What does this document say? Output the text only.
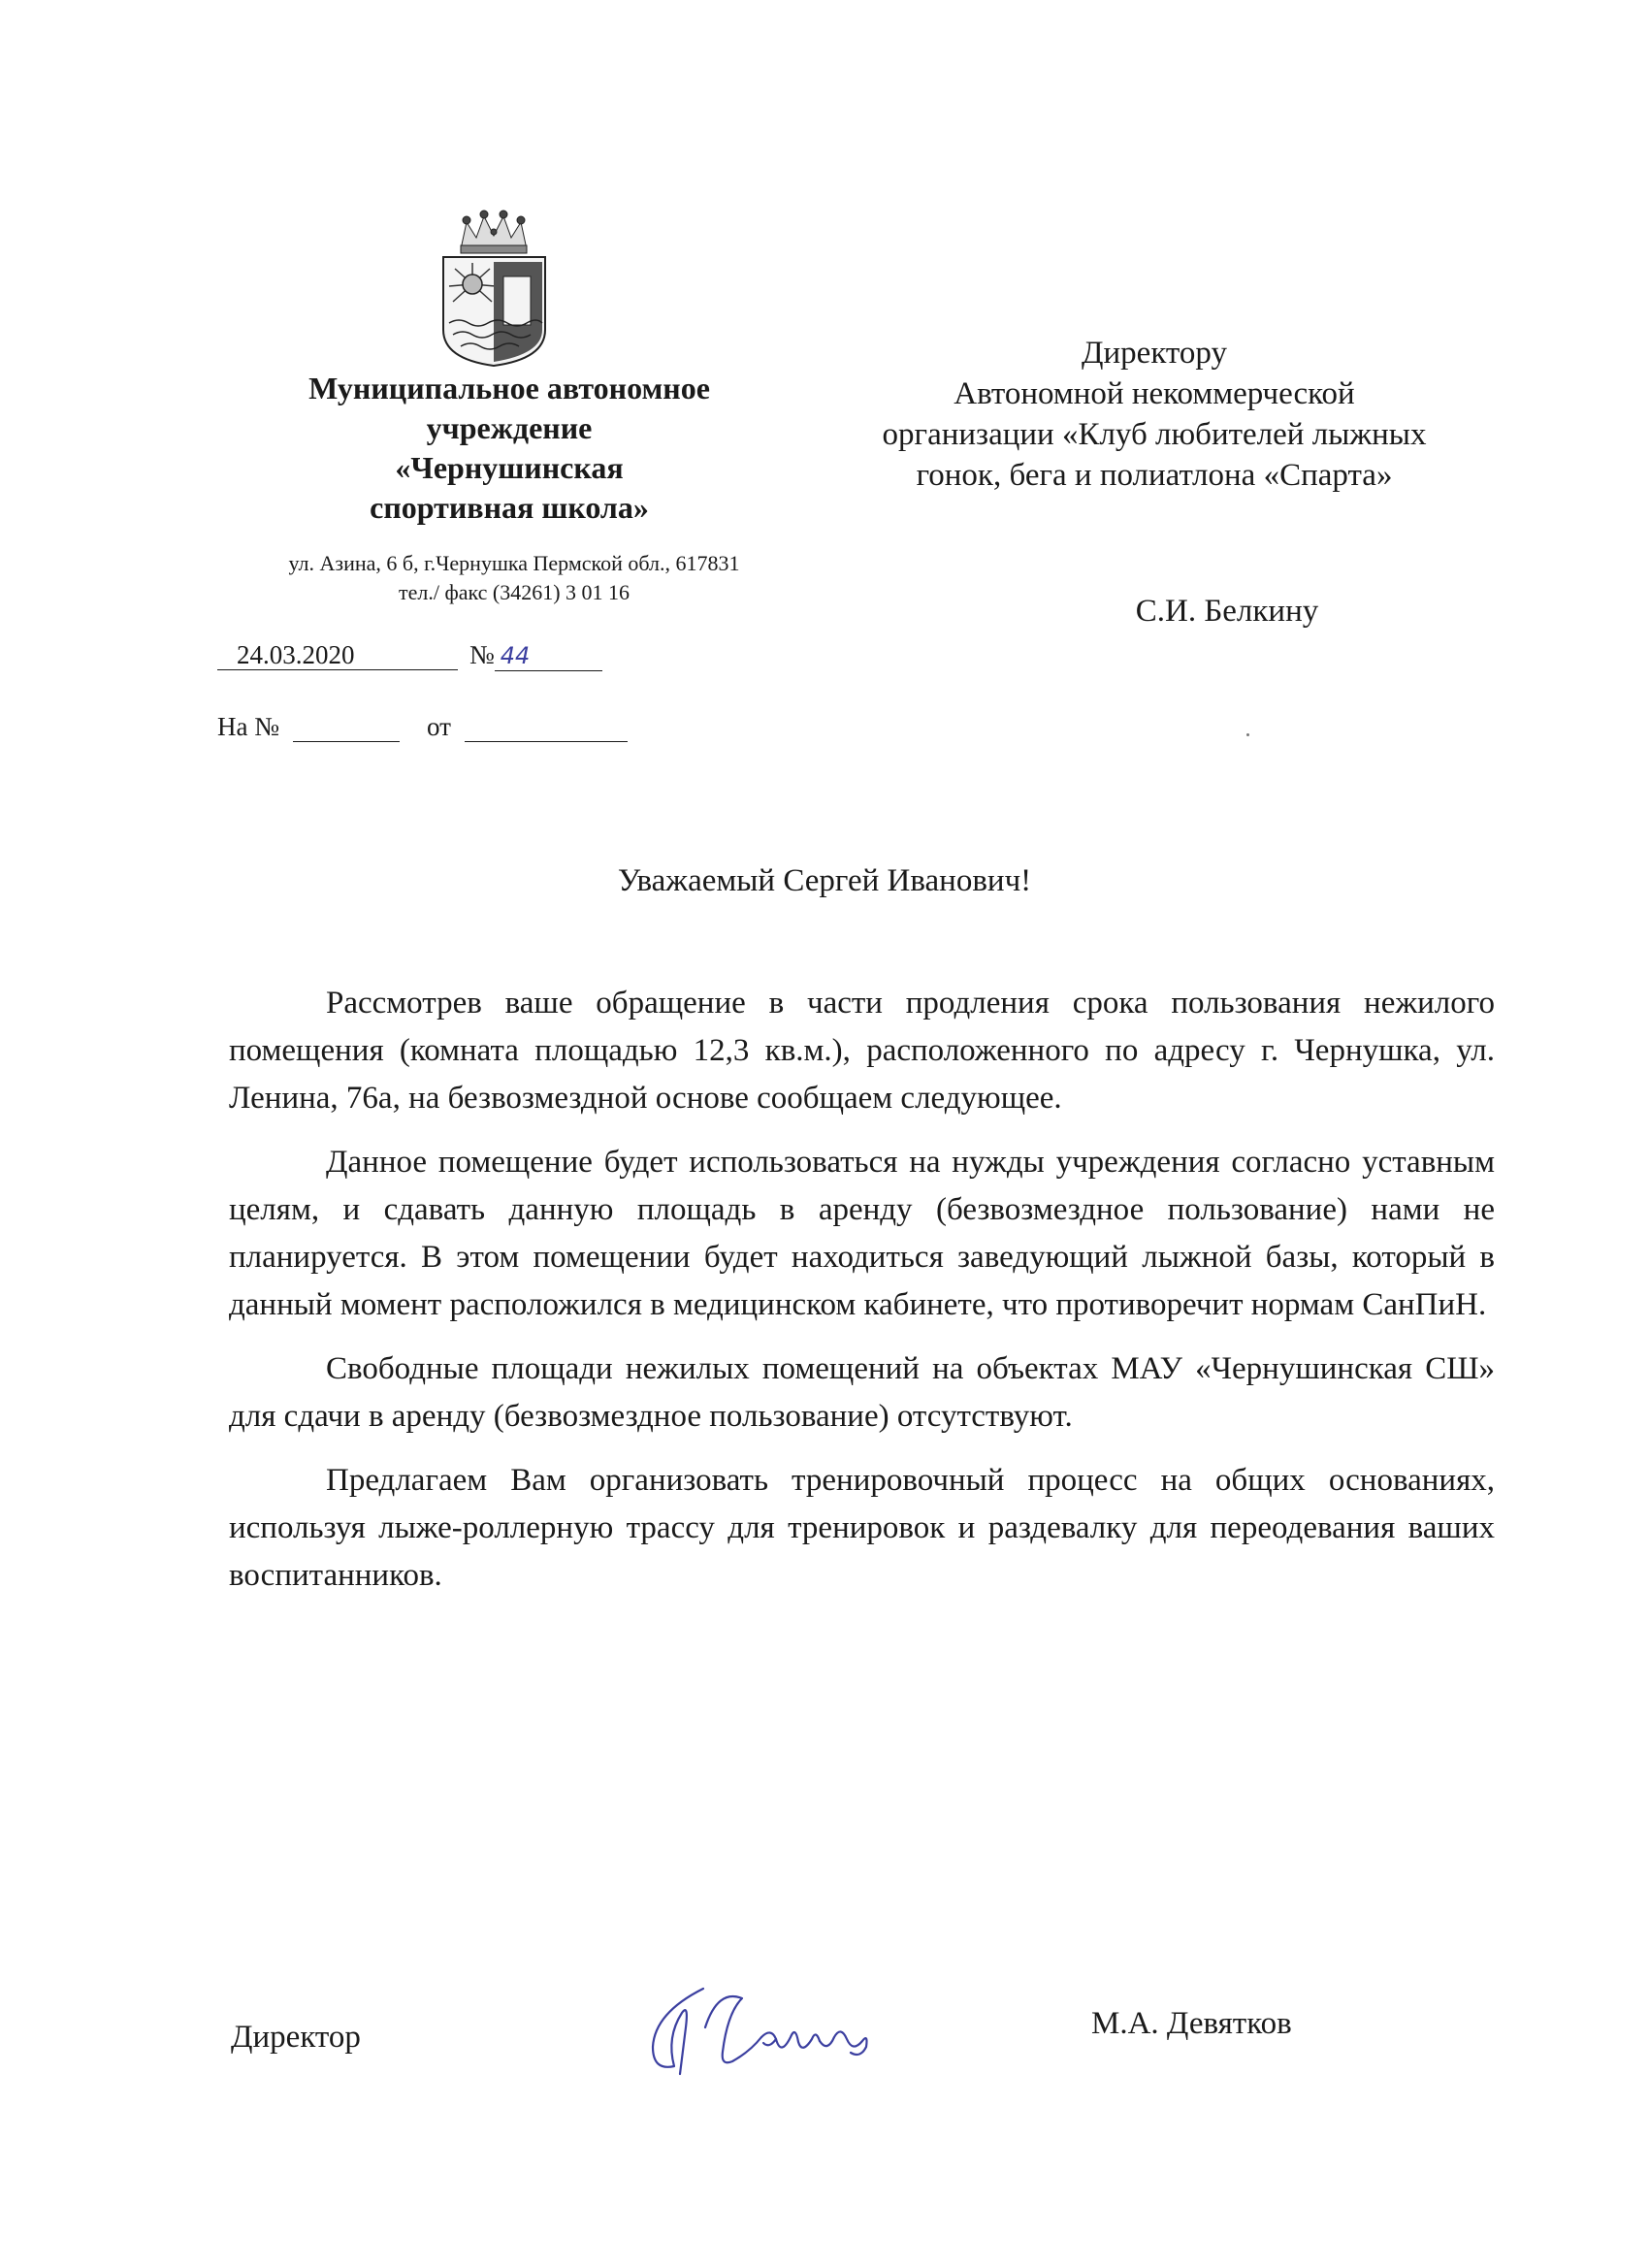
Муниципальное автономное
учреждение
«Чернушинская
спортивная школа»
ул. Азина, 6 б, г.Чернушка Пермской обл., 617831
тел./ факс (34261) 3 01 16
24.03.2020	№ 44
На №	от
Директору
Автономной некоммерческой
организации «Клуб любителей лыжных
гонок, бега и полиатлона «Спарта»
С.И. Белкину
Уважаемый Сергей Иванович!

Рассмотрев ваше обращение в части продления срока пользования нежилого помещения (комната площадью 12,3 кв.м.), расположенного по адресу г. Чернушка, ул. Ленина, 76а, на безвозмездной основе сообщаем следующее.

Данное помещение будет использоваться на нужды учреждения согласно уставным целям, и сдавать данную площадь в аренду (безвозмездное пользование) нами не планируется. В этом помещении будет находиться заведующий лыжной базы, который в данный момент расположился в медицинском кабинете, что противоречит нормам СанПиН.

Свободные площади нежилых помещений на объектах МАУ «Чернушинская СШ» для сдачи в аренду (безвозмездное пользование) отсутствуют.

Предлагаем Вам организовать тренировочный процесс на общих основаниях, используя лыже-роллерную трассу для тренировок и раздевалку для переодевания ваших воспитанников.

Директор	М.А. Девятков
